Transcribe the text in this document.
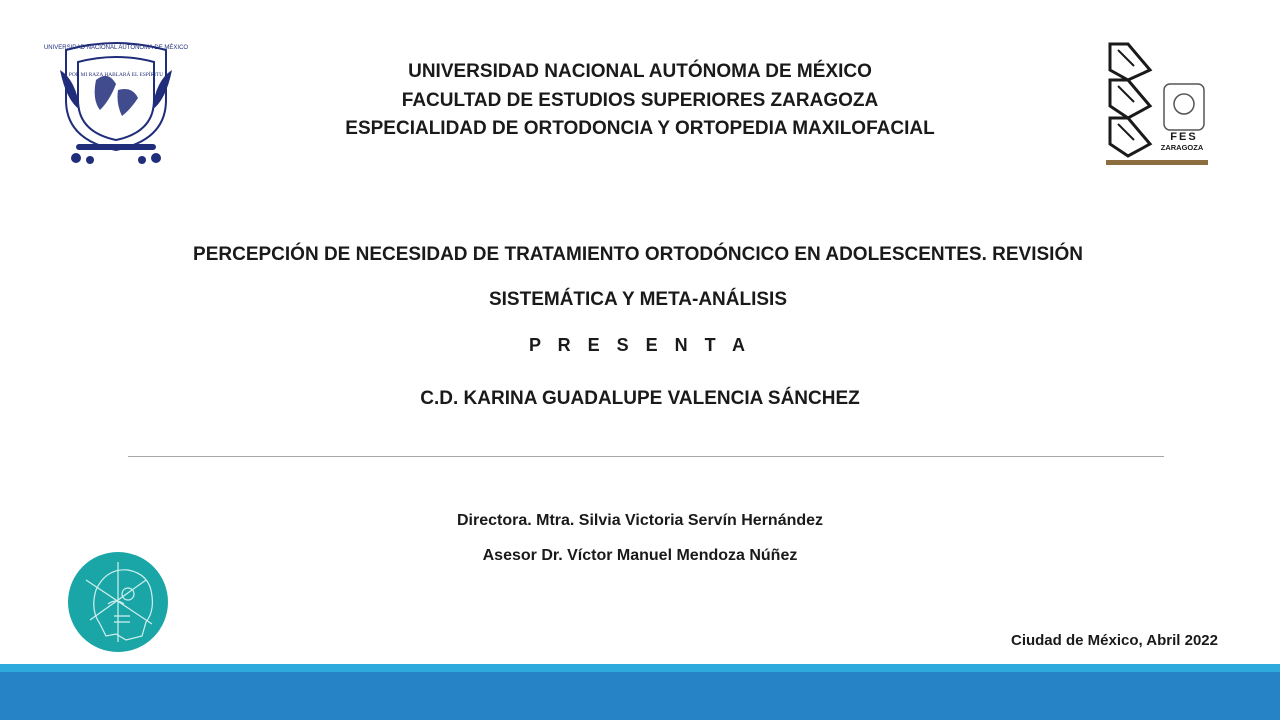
UNIVERSIDAD NACIONAL AUTÓNOMA DE MÉXICO
POR MI RAZA HABLARÁ EL ESPÍRITU
FES
ZARAGOZA
UNIVERSIDAD NACIONAL AUTÓNOMA DE MÉXICO
FACULTAD DE ESTUDIOS SUPERIORES ZARAGOZA
ESPECIALIDAD DE ORTODONCIA Y ORTOPEDIA MAXILOFACIAL
PERCEPCIÓN DE NECESIDAD DE TRATAMIENTO ORTODÓNCICO EN ADOLESCENTES. REVISIÓN
SISTEMÁTICA Y META-ANÁLISIS
P R E S E N T A
C.D. KARINA GUADALUPE VALENCIA SÁNCHEZ
Directora. Mtra. Silvia Victoria Servín Hernández
Asesor Dr. Víctor Manuel Mendoza Núñez
Ciudad de México, Abril 2022
